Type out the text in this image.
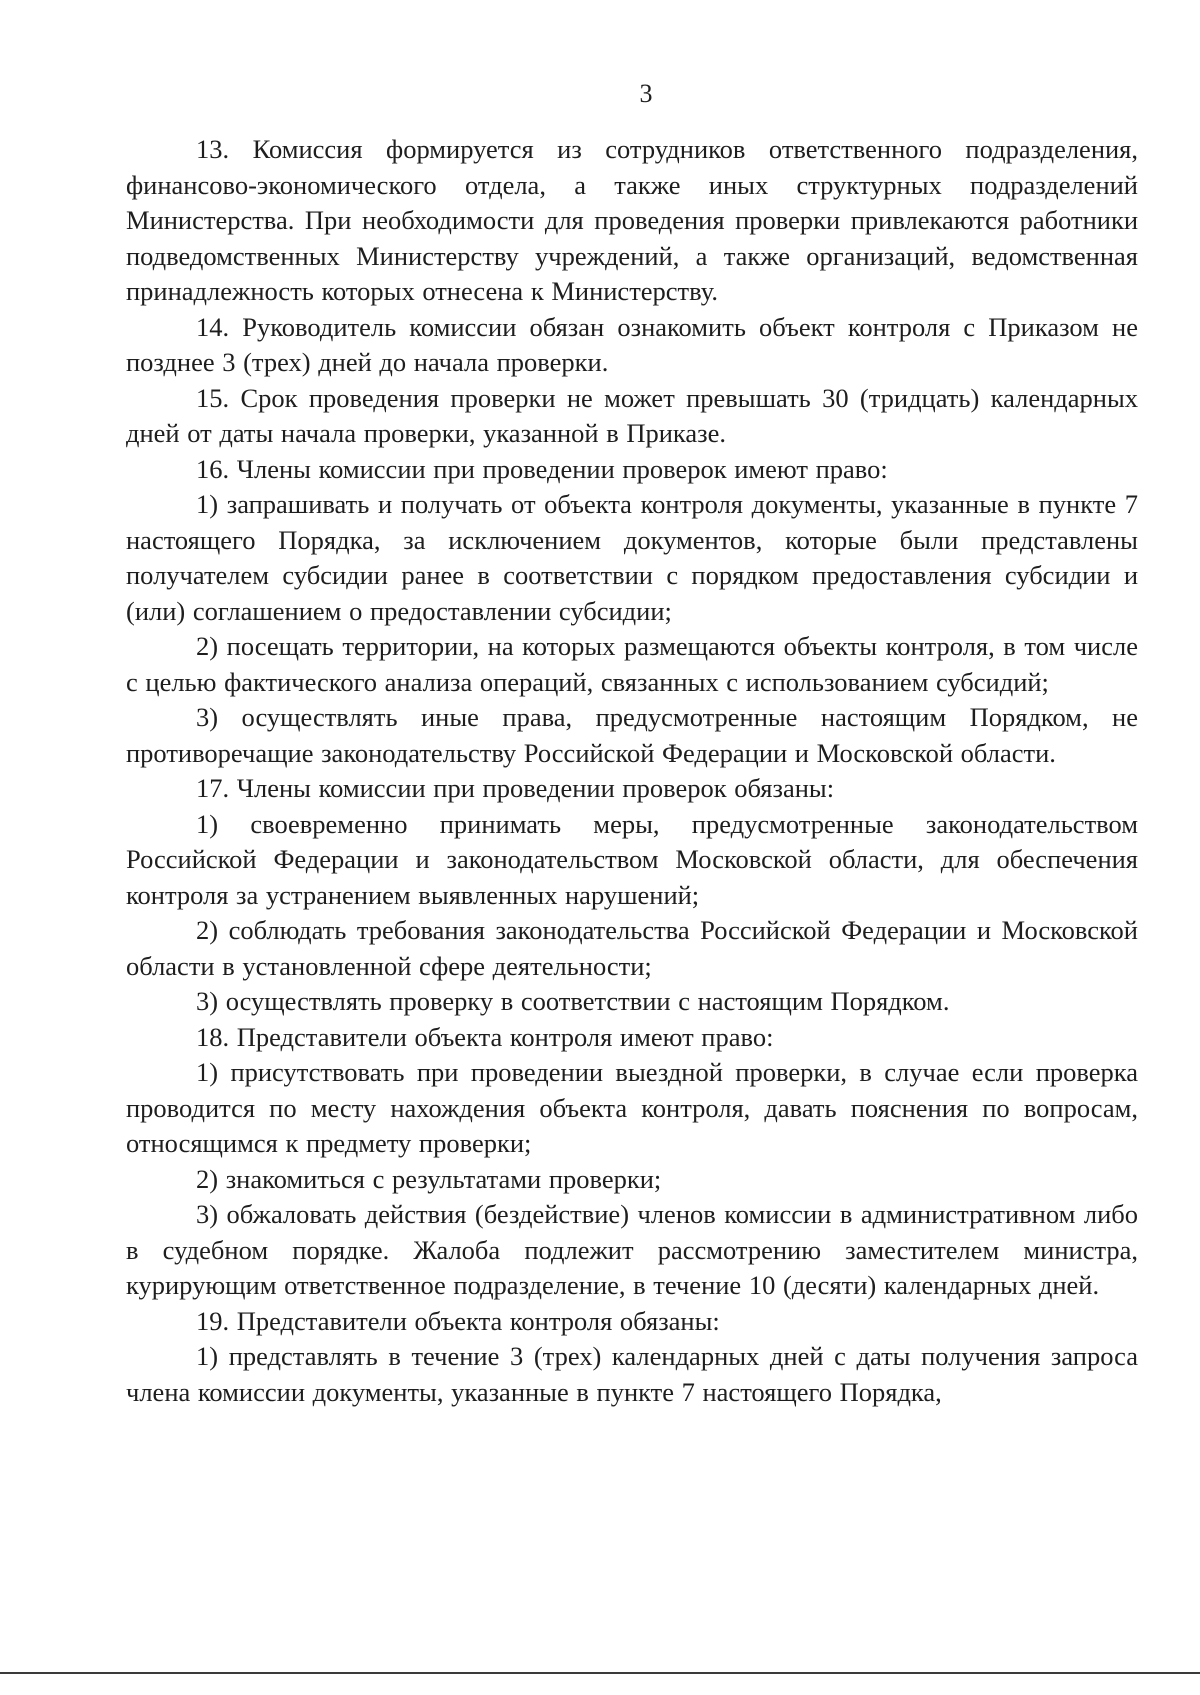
3

13. Комиссия формируется из сотрудников ответственного подразделения, финансово-экономического отдела, а также иных структурных подразделений Министерства. При необходимости для проведения проверки привлекаются работники подведомственных Министерству учреждений, а также организаций, ведомственная принадлежность которых отнесена к Министерству.

14. Руководитель комиссии обязан ознакомить объект контроля с Приказом не позднее 3 (трех) дней до начала проверки.

15. Срок проведения проверки не может превышать 30 (тридцать) календарных дней от даты начала проверки, указанной в Приказе.

16. Члены комиссии при проведении проверок имеют право:

1) запрашивать и получать от объекта контроля документы, указанные в пункте 7 настоящего Порядка, за исключением документов, которые были представлены получателем субсидии ранее в соответствии с порядком предоставления субсидии и (или) соглашением о предоставлении субсидии;

2) посещать территории, на которых размещаются объекты контроля, в том числе с целью фактического анализа операций, связанных с использованием субсидий;

3) осуществлять иные права, предусмотренные настоящим Порядком, не противоречащие законодательству Российской Федерации и Московской области.

17. Члены комиссии при проведении проверок обязаны:

1) своевременно принимать меры, предусмотренные законодательством Российской Федерации и законодательством Московской области, для обеспечения контроля за устранением выявленных нарушений;

2) соблюдать требования законодательства Российской Федерации и Московской области в установленной сфере деятельности;

3) осуществлять проверку в соответствии с настоящим Порядком.

18. Представители объекта контроля имеют право:

1) присутствовать при проведении выездной проверки, в случае если проверка проводится по месту нахождения объекта контроля, давать пояснения по вопросам, относящимся к предмету проверки;

2) знакомиться с результатами проверки;

3) обжаловать действия (бездействие) членов комиссии в административном либо в судебном порядке. Жалоба подлежит рассмотрению заместителем министра, курирующим ответственное подразделение, в течение 10 (десяти) календарных дней.

19. Представители объекта контроля обязаны:

1) представлять в течение 3 (трех) календарных дней с даты получения запроса члена комиссии документы, указанные в пункте 7 настоящего Порядка,
